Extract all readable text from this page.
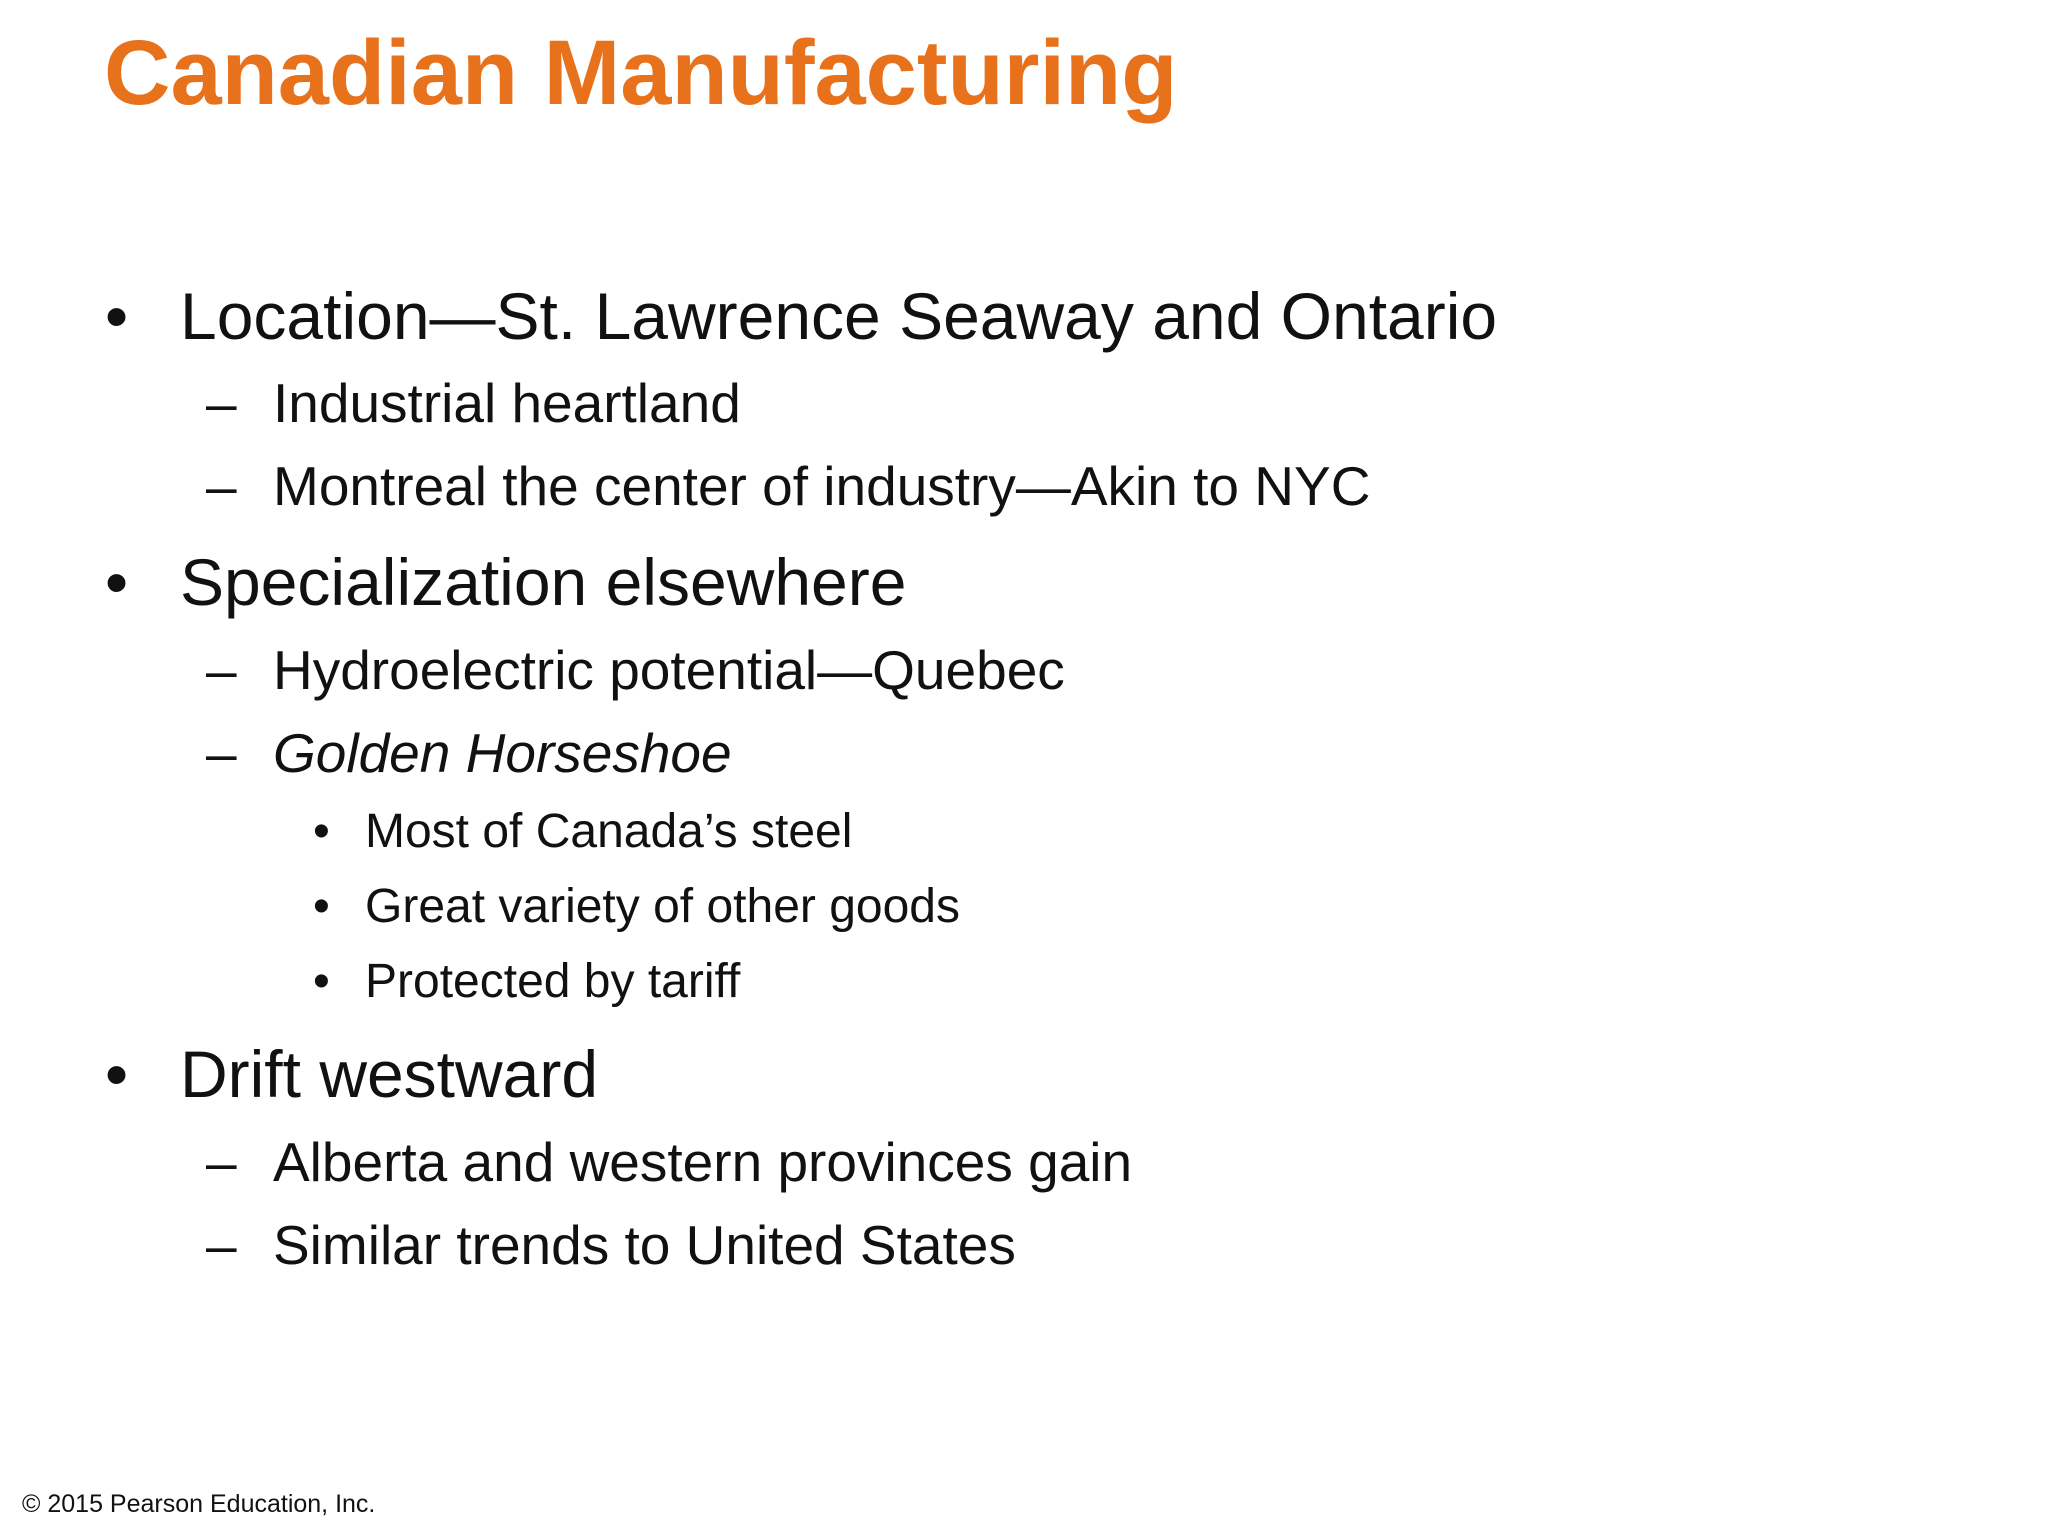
Canadian Manufacturing
• Location—St. Lawrence Seaway and Ontario
– Industrial heartland
– Montreal the center of industry—Akin to NYC
• Specialization elsewhere
– Hydroelectric potential—Quebec
– Golden Horseshoe
• Most of Canada’s steel
• Great variety of other goods
• Protected by tariff
• Drift westward
– Alberta and western provinces gain
– Similar trends to United States
© 2015 Pearson Education, Inc.
